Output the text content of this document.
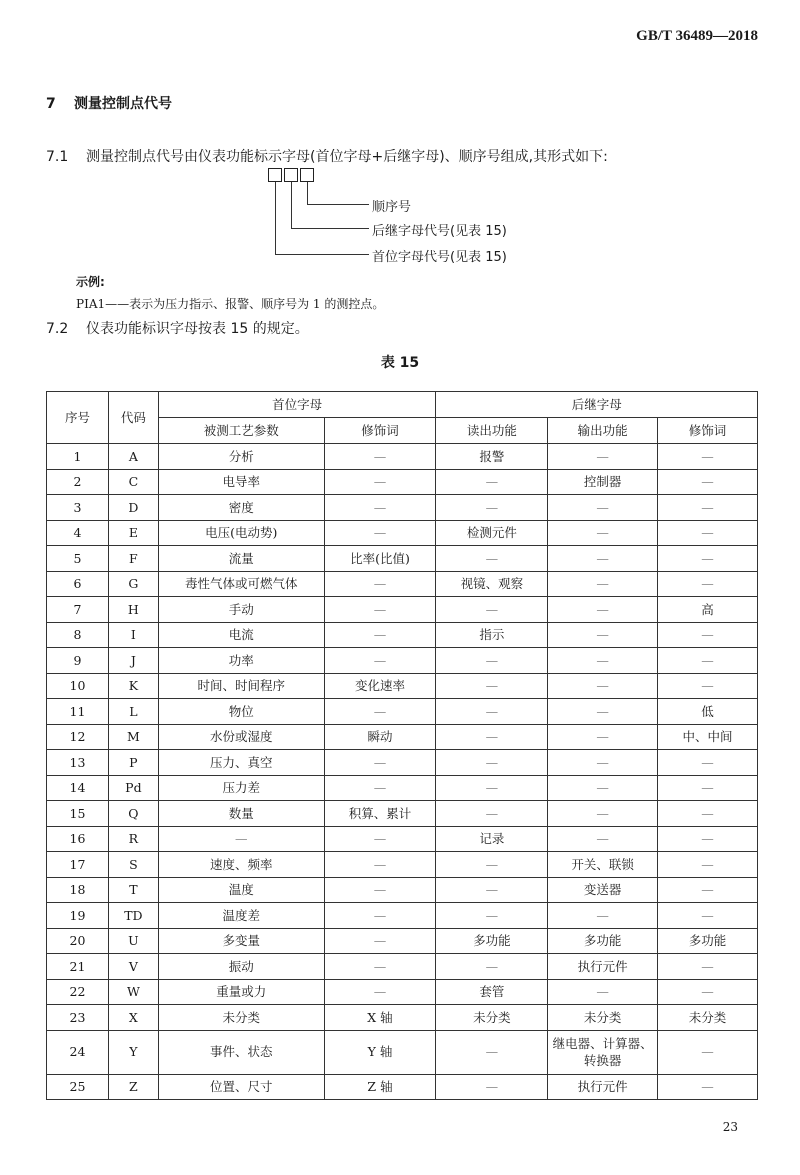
GB/T 36489—2018
7 测量控制点代号
7.1 测量控制点代号由仪表功能标示字母(首位字母+后继字母)、顺序号组成,其形式如下:
顺序号
后继字母代号(见表 15)
首位字母代号(见表 15)
示例:
PIA1——表示为压力指示、报警、顺序号为 1 的测控点。
7.2 仪表功能标识字母按表 15 的规定。
表 15
序号	代码	首位字母		后继字母		
		被测工艺参数	修饰词	读出功能	输出功能	修饰词
1	A	分析	—	报警	—	—
2	C	电导率	—	—	控制器	—
3	D	密度	—	—	—	—
4	E	电压(电动势)	—	检测元件	—	—
5	F	流量	比率(比值)	—	—	—
6	G	毒性气体或可燃气体	—	视镜、观察	—	—
7	H	手动	—	—	—	高
8	I	电流	—	指示	—	—
9	J	功率	—	—	—	—
10	K	时间、时间程序	变化速率	—	—	—
11	L	物位	—	—	—	低
12	M	水份或湿度	瞬动	—	—	中、中间
13	P	压力、真空	—	—	—	—
14	Pd	压力差	—	—	—	—
15	Q	数量	积算、累计	—	—	—
16	R	—	—	记录	—	—
17	S	速度、频率	—	—	开关、联锁	—
18	T	温度	—	—	变送器	—
19	TD	温度差	—	—	—	—
20	U	多变量	—	多功能	多功能	多功能
21	V	振动	—	—	执行元件	—
22	W	重量或力	—	套管	—	—
23	X	未分类	X 轴	未分类	未分类	未分类
24	Y	事件、状态	Y 轴	—	继电器、计算器、转换器	—
25	Z	位置、尺寸	Z 轴	—	执行元件	—
23
